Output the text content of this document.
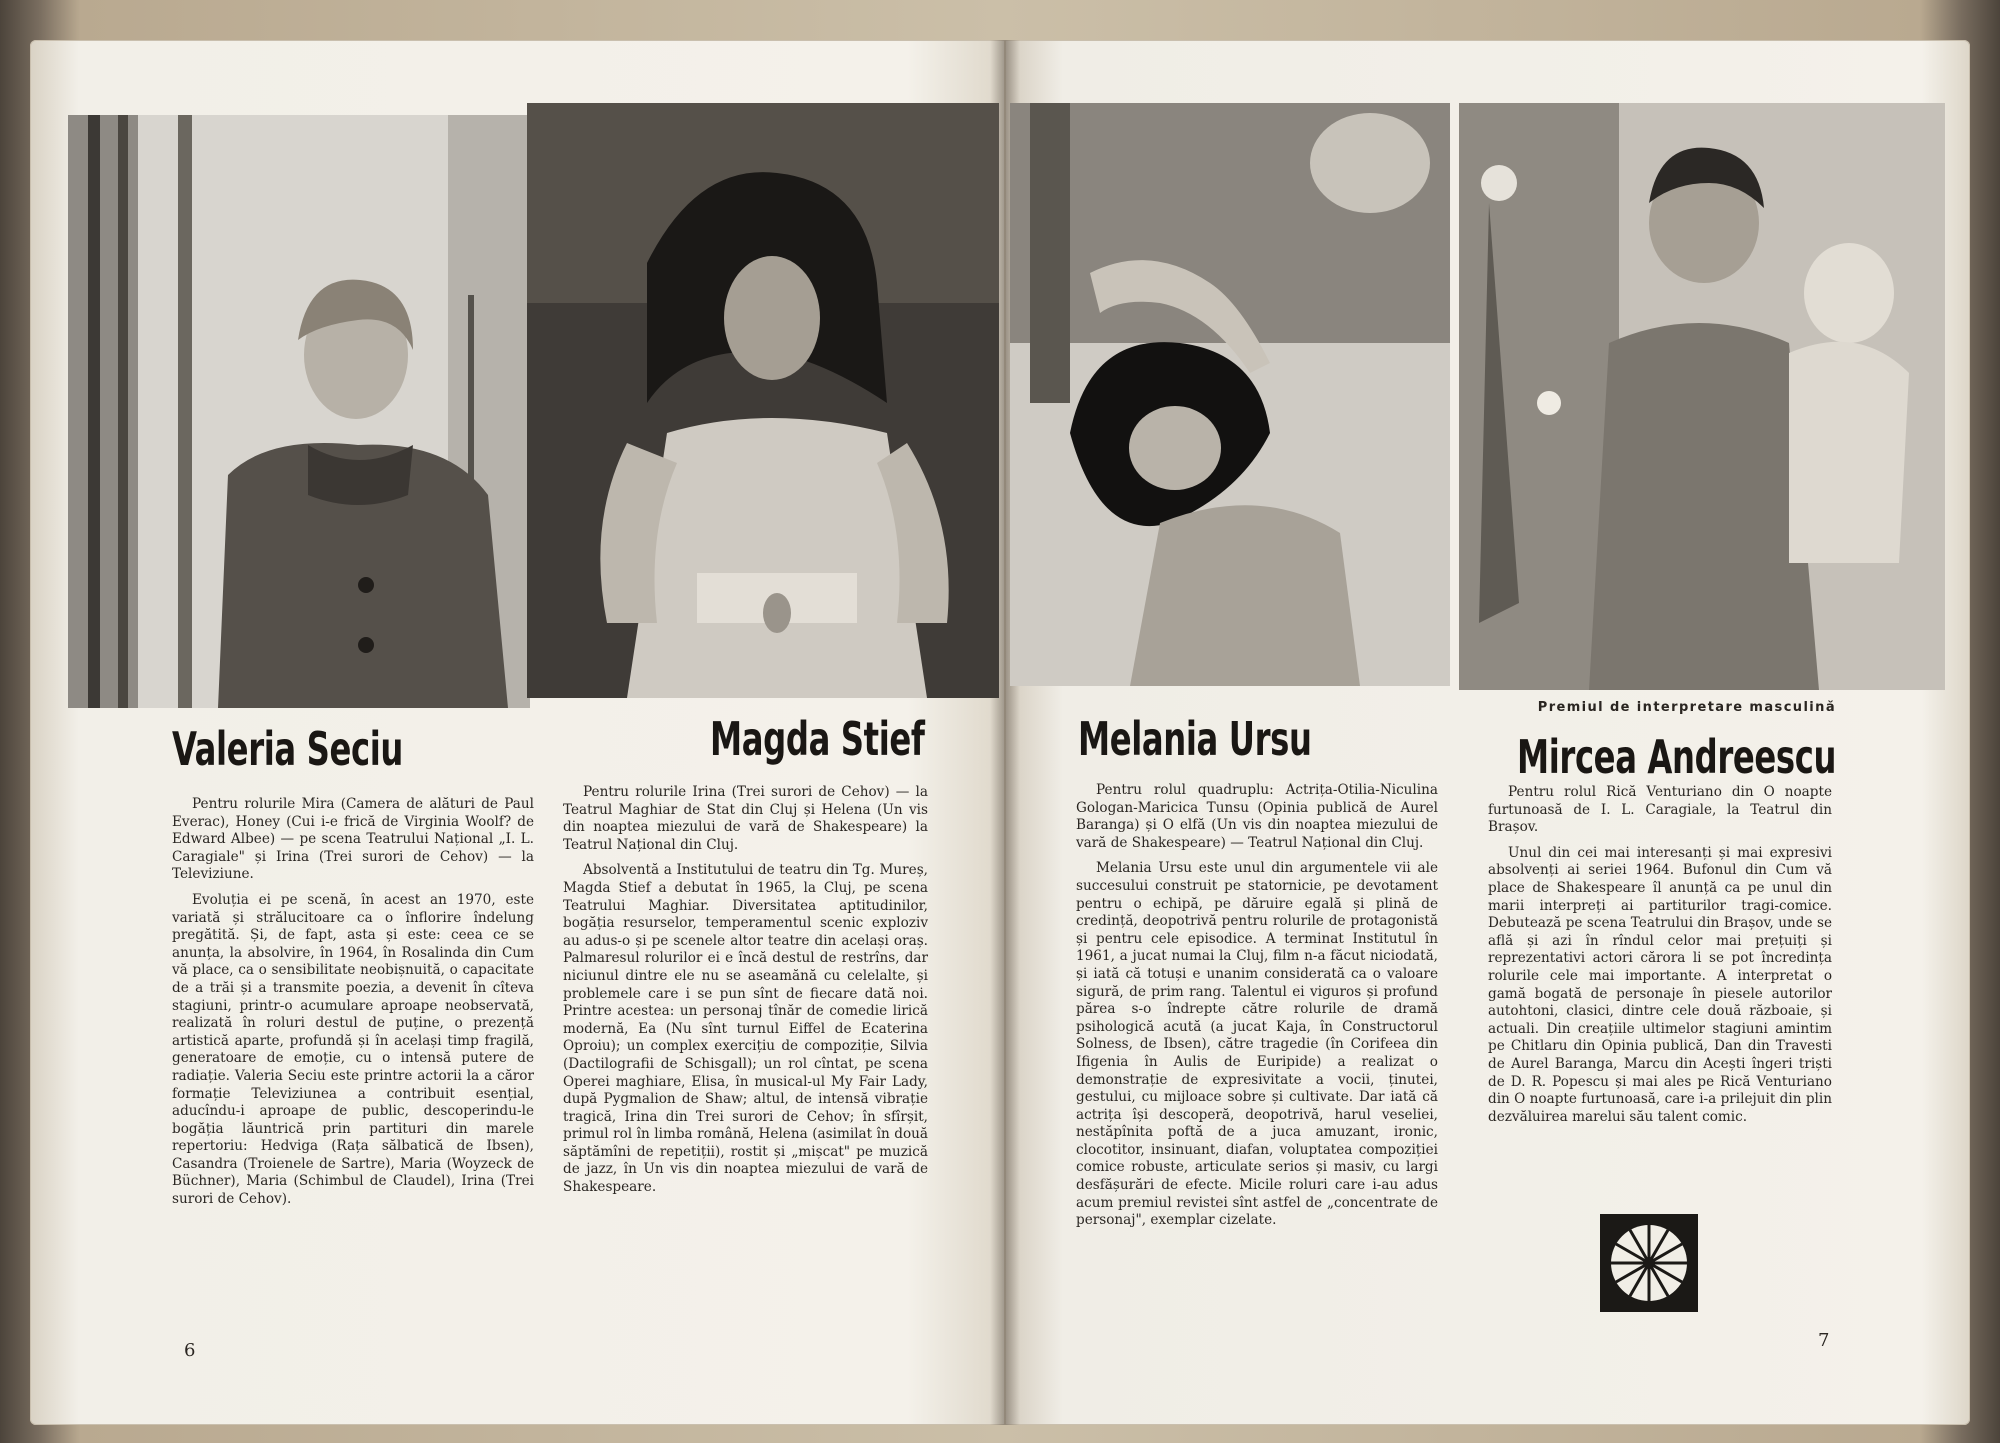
Premiul de interpretare masculină
Valeria Seciu	Magda Stief	Melania Ursu	Mircea Andreescu

Pentru rolurile Mira (Camera de alături de Paul Everac), Honey (Cui i-e frică de Virginia Woolf? de Edward Albee) — pe scena Teatrului Național „I. L. Caragiale" și Irina (Trei surori de Cehov) — la Televiziune.

Evoluția ei pe scenă, în acest an 1970, este variată și strălucitoare ca o înflorire îndelung pregătită. Și, de fapt, asta și este: ceea ce se anunța, la absolvire, în 1964, în Rosalinda din Cum vă place, ca o sensibilitate neobișnuită, o capacitate de a trăi și a transmite poezia, a devenit în cîteva stagiuni, printr-o acumulare aproape neobservată, realizată în roluri destul de puține, o prezență artistică aparte, profundă și în același timp fragilă, generatoare de emoție, cu o intensă putere de radiație. Valeria Seciu este printre actorii la a căror formație Televiziunea a contribuit esențial, aducîndu-i aproape de public, descoperindu-le bogăția lăuntrică prin partituri din marele repertoriu: Hedviga (Rața sălbatică de Ibsen), Casandra (Troienele de Sartre), Maria (Woyzeck de Büchner), Maria (Schimbul de Claudel), Irina (Trei surori de Cehov).

Pentru rolurile Irina (Trei surori de Cehov) — la Teatrul Maghiar de Stat din Cluj și Helena (Un vis din noaptea miezului de vară de Shakespeare) la Teatrul Național din Cluj.

Absolventă a Institutului de teatru din Tg. Mureș, Magda Stief a debutat în 1965, la Cluj, pe scena Teatrului Maghiar. Diversitatea aptitudinilor, bogăția resurselor, temperamentul scenic exploziv au adus-o și pe scenele altor teatre din același oraș. Palmaresul rolurilor ei e încă destul de restrîns, dar niciunul dintre ele nu se aseamănă cu celelalte, și problemele care i se pun sînt de fiecare dată noi. Printre acestea: un personaj tînăr de comedie lirică modernă, Ea (Nu sînt turnul Eiffel de Ecaterina Oproiu); un complex exercițiu de compoziție, Silvia (Dactilografii de Schisgall); un rol cîntat, pe scena Operei maghiare, Elisa, în musical-ul My Fair Lady, după Pygmalion de Shaw; altul, de intensă vibrație tragică, Irina din Trei surori de Cehov; în sfîrșit, primul rol în limba română, Helena (asimilat în două săptămîni de repetiții), rostit și „mișcat" pe muzică de jazz, în Un vis din noaptea miezului de vară de Shakespeare.

Pentru rolul quadruplu: Actrița-Otilia-Niculina Gologan-Maricica Tunsu (Opinia publică de Aurel Baranga) și O elfă (Un vis din noaptea miezului de vară de Shakespeare) — Teatrul Național din Cluj.

Melania Ursu este unul din argumentele vii ale succesului construit pe statornicie, pe devotament pentru o echipă, pe dăruire egală și plină de credință, deopotrivă pentru rolurile de protagonistă și pentru cele episodice. A terminat Institutul în 1961, a jucat numai la Cluj, film n-a făcut niciodată, și iată că totuși e unanim considerată ca o valoare sigură, de prim rang. Talentul ei viguros și profund părea s-o îndrepte către rolurile de dramă psihologică acută (a jucat Kaja, în Constructorul Solness, de Ibsen), către tragedie (în Corifeea din Ifigenia în Aulis de Euripide) a realizat o demonstrație de expresivitate a vocii, ținutei, gestului, cu mijloace sobre și cultivate. Dar iată că actrița își descoperă, deopotrivă, harul veseliei, nestăpînita poftă de a juca amuzant, ironic, clocotitor, insinuant, diafan, voluptatea compoziției comice robuste, articulate serios și masiv, cu largi desfășurări de efecte. Micile roluri care i-au adus acum premiul revistei sînt astfel de „concentrate de personaj", exemplar cizelate.

Pentru rolul Rică Venturiano din O noapte furtunoasă de I. L. Caragiale, la Teatrul din Brașov.

Unul din cei mai interesanți și mai expresivi absolvenți ai seriei 1964. Bufonul din Cum vă place de Shakespeare îl anunță ca pe unul din marii interpreți ai partiturilor tragi-comice. Debutează pe scena Teatrului din Brașov, unde se află și azi în rîndul celor mai prețuiți și reprezentativi actori cărora li se pot încredința rolurile cele mai importante. A interpretat o gamă bogată de personaje în piesele autorilor autohtoni, clasici, dintre cele două războaie, și actuali. Din creațiile ultimelor stagiuni amintim pe Chitlaru din Opinia publică, Dan din Travesti de Aurel Baranga, Marcu din Acești îngeri triști de D. R. Popescu și mai ales pe Rică Venturiano din O noapte furtunoasă, care i-a prilejuit din plin dezvăluirea marelui său talent comic.

6	7
